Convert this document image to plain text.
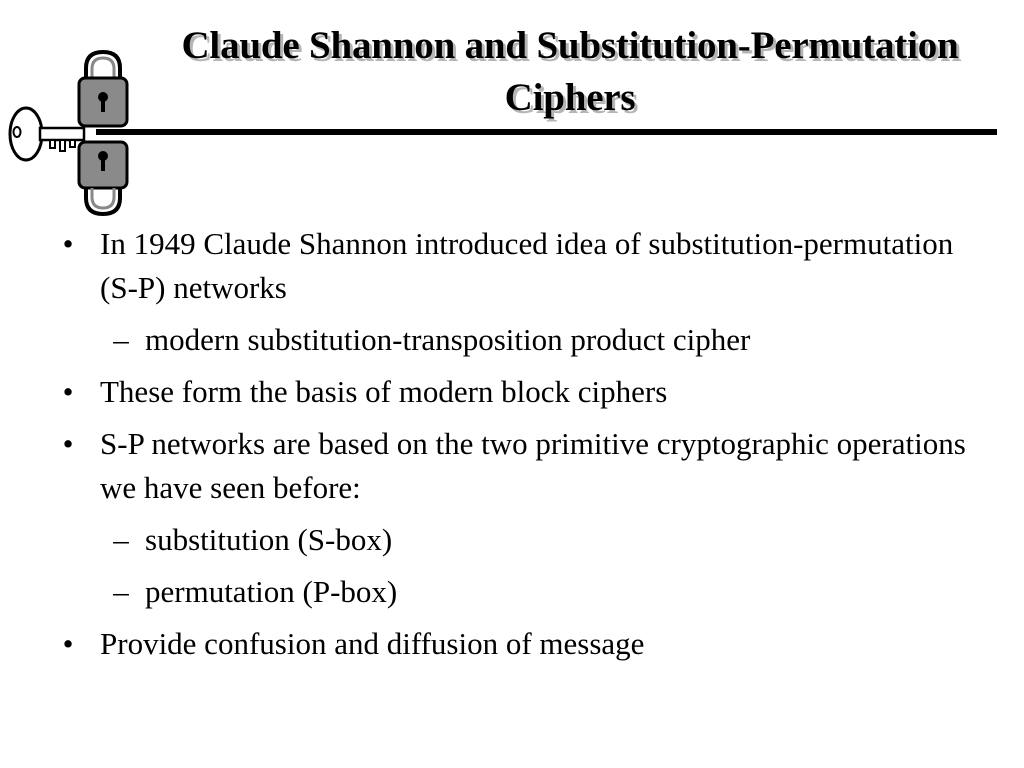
Claude Shannon and Substitution-Permutation Ciphers
• In 1949 Claude Shannon introduced idea of substitution-permutation (S-P) networks
– modern substitution-transposition product cipher
• These form the basis of modern block ciphers
• S-P networks are based on the two primitive cryptographic operations we have seen before:
– substitution (S-box)
– permutation (P-box)
• Provide confusion and diffusion of message
